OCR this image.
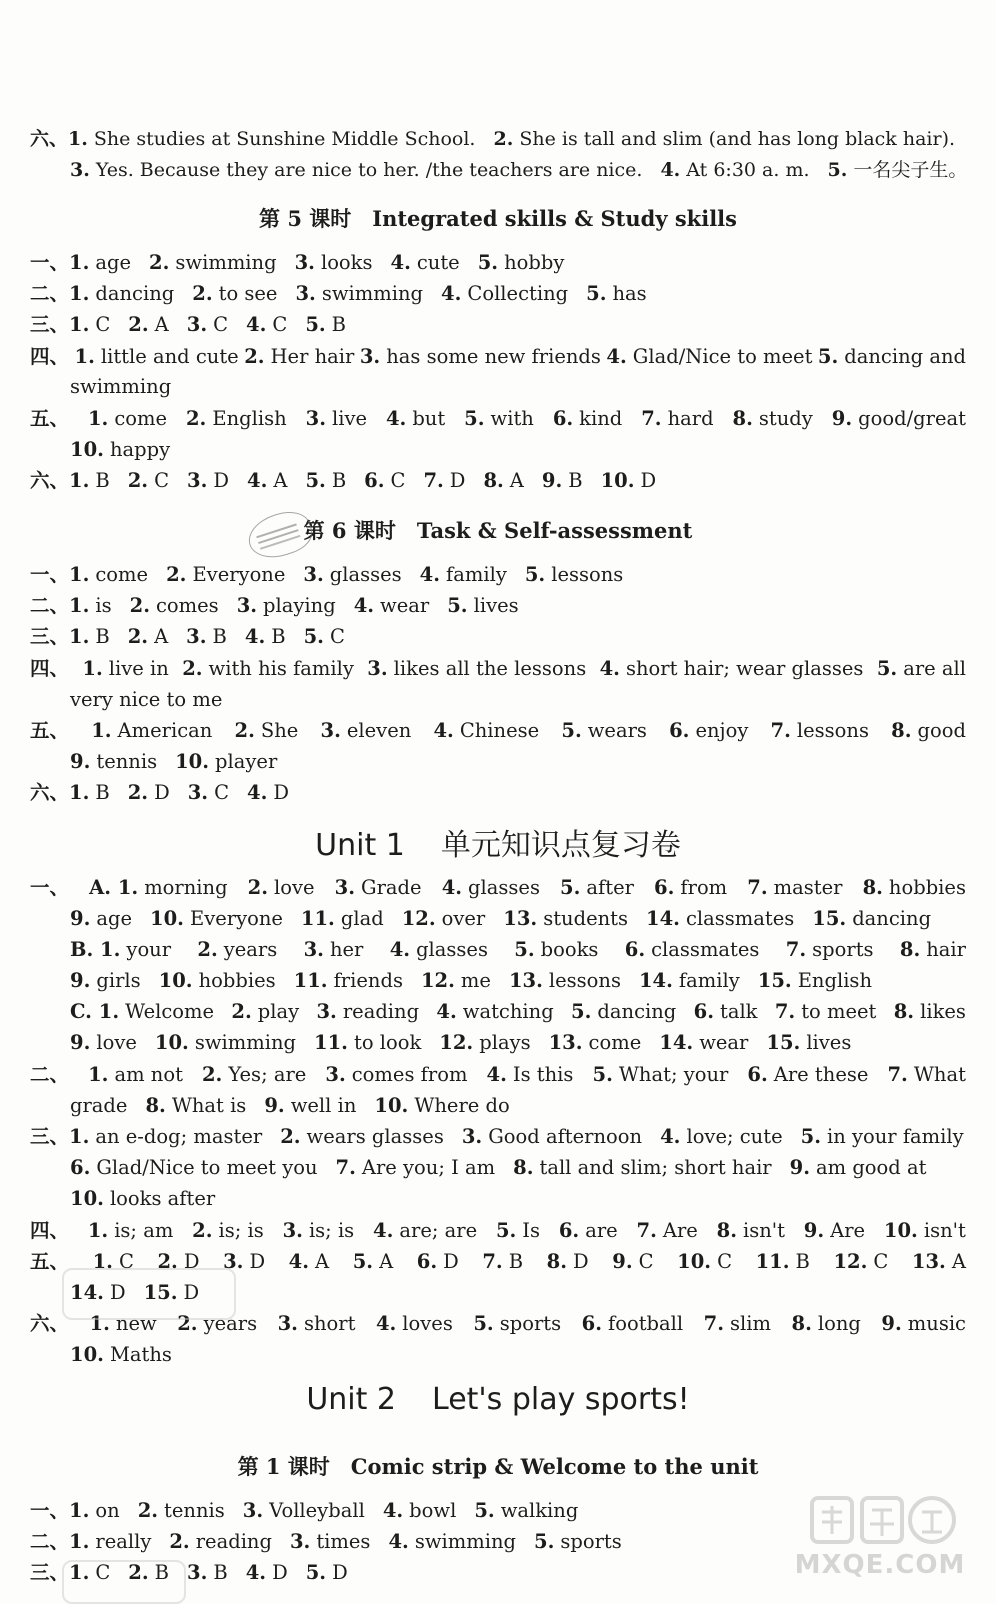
六、1. She studies at Sunshine Middle School. 2. She is tall and slim (and has long black hair).
3. Yes. Because they are nice to her. /the teachers are nice. 4. At 6:30 a. m. 5. 一名尖子生。
一、1. age 2. swimming 3. looks 4. cute 5. hobby
二、1. dancing 2. to see 3. swimming 4. Collecting 5. has
三、1. C 2. A 3. C 4. C 5. B
四、 1. little and cute 2. Her hair 3. has some new friends 4. Glad/Nice to meet 5. dancing and
swimming
五、 1. come 2. English 3. live 4. but 5. with 6. kind 7. hard 8. study 9. good/great
10. happy
六、1. B 2. C 3. D 4. A 5. B 6. C 7. D 8. A 9. B 10. D
一、1. come 2. Everyone 3. glasses 4. family 5. lessons
二、1. is 2. comes 3. playing 4. wear 5. lives
三、1. B 2. A 3. B 4. B 5. C
四、 1. live in 2. with his family 3. likes all the lessons 4. short hair; wear glasses 5. are all
very nice to me
五、 1. American 2. She 3. eleven 4. Chinese 5. wears 6. enjoy 7. lessons 8. good
9. tennis 10. player
六、1. B 2. D 3. C 4. D
一、 A. 1. morning 2. love 3. Grade 4. glasses 5. after 6. from 7. master 8. hobbies
9. age 10. Everyone 11. glad 12. over 13. students 14. classmates 15. dancing
B. 1. your 2. years 3. her 4. glasses 5. books 6. classmates 7. sports 8. hair
9. girls 10. hobbies 11. friends 12. me 13. lessons 14. family 15. English
C. 1. Welcome 2. play 3. reading 4. watching 5. dancing 6. talk 7. to meet 8. likes
9. love 10. swimming 11. to look 12. plays 13. come 14. wear 15. lives
二、 1. am not 2. Yes; are 3. comes from 4. Is this 5. What; your 6. Are these 7. What
grade 8. What is 9. well in 10. Where do
三、1. an e-dog; master 2. wears glasses 3. Good afternoon 4. love; cute 5. in your family
6. Glad/Nice to meet you 7. Are you; I am 8. tall and slim; short hair 9. am good at
10. looks after
四、 1. is; am 2. is; is 3. is; is 4. are; are 5. Is 6. are 7. Are 8. isn't 9. Are 10. isn't
五、 1. C 2. D 3. D 4. A 5. A 6. D 7. B 8. D 9. C 10. C 11. B 12. C 13. A
14. D 15. D
六、 1. new 2. years 3. short 4. loves 5. sports 6. football 7. slim 8. long 9. music
10. Maths
一、1. on 2. tennis 3. Volleyball 4. bowl 5. walking
二、1. really 2. reading 3. times 4. swimming 5. sports
三、1. C 2. B 3. B 4. D 5. D
第 5 课时　Integrated skills & Study skills
第 6 课时　Task & Self-assessment
第 1 课时　Comic strip & Welcome to the unit
Unit 1 单元知识点复习卷
Unit 2 Let's play sports!
MXQE.COM
